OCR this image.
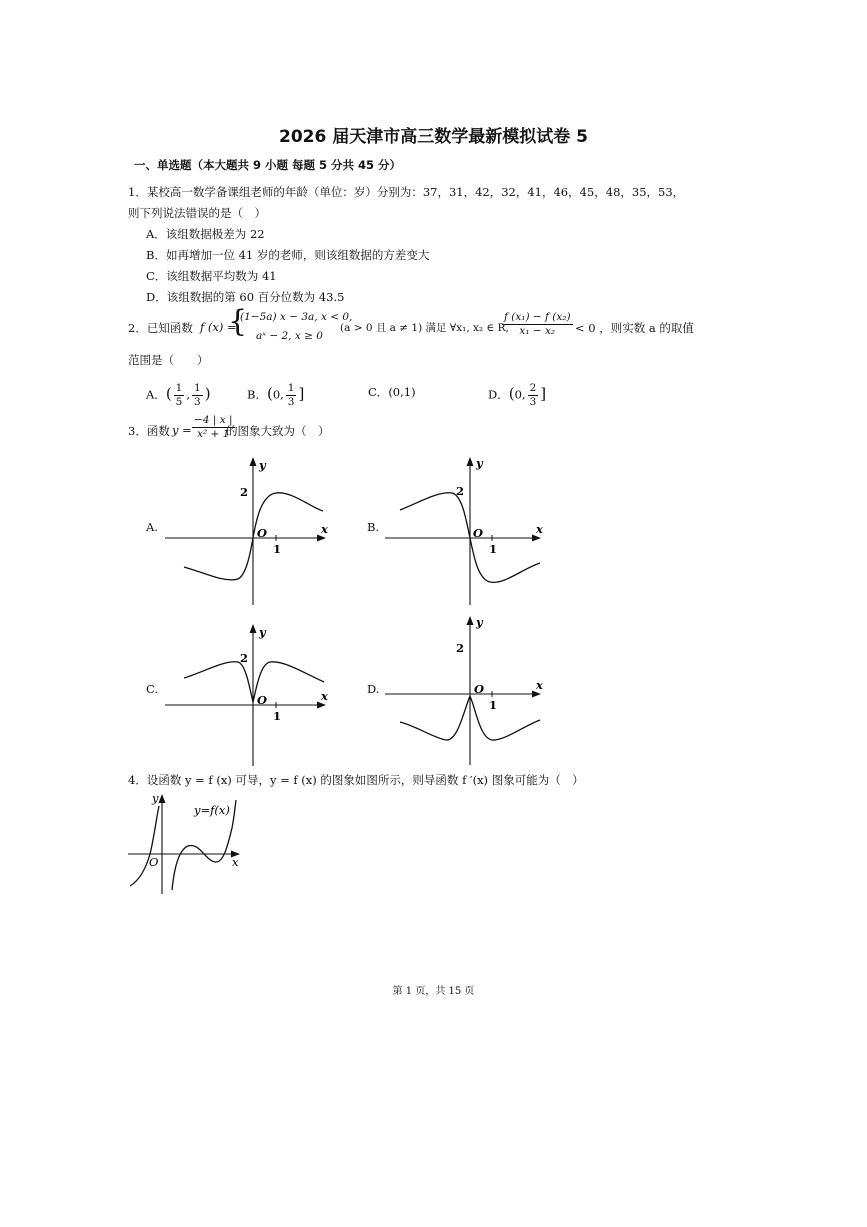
2026 届天津市高三数学最新模拟试卷 5
一、单选题（本大题共 9 小题 每题 5 分共 45 分）
1．某校高一数学备课组老师的年龄（单位：岁）分别为：37，31，42，32，41，46，45，48，35，53，
则下列说法错误的是（　）
A．该组数据极差为 22
B．如再增加一位 41 岁的老师，则该组数据的方差变大
C．该组数据平均数为 41
D．该组数据的第 60 百分位数为 43.5
2．已知函数 f (x) =
{
(1−5a) x − 3a, x < 0,
aˣ − 2, x ≥ 0
(a > 0 且 a ≠ 1) 满足 ∀x₁, x₂ ∈ R,
$\frac{\text{f (x₁) − f (x₂)}}{\text{x₁ − x₂}} < 0$ ，则实数 a 的取值
范围是（　　）
A．( $\frac{1}{5}$ , $\frac{1}{3}$ )	B．(0, $\frac{1}{3}$ ]	C．(0,1)	D．(0, $\frac{2}{3}$ ]
3．函数 $y = \frac{-4 | x |}{\text{x² + 1}}$
的图象大致为（　）
A.	O
1
2
x
y
B.	O
1
2
x
y
C.
O
1
2
x
y
D.	O
1
2
x
y
4．设函数 y = f (x) 可导，y = f (x) 的图象如图所示，则导函数 f ′(x) 图象可能为（　）
y=f(x)
O	x
y
第 1 页，共 15 页
